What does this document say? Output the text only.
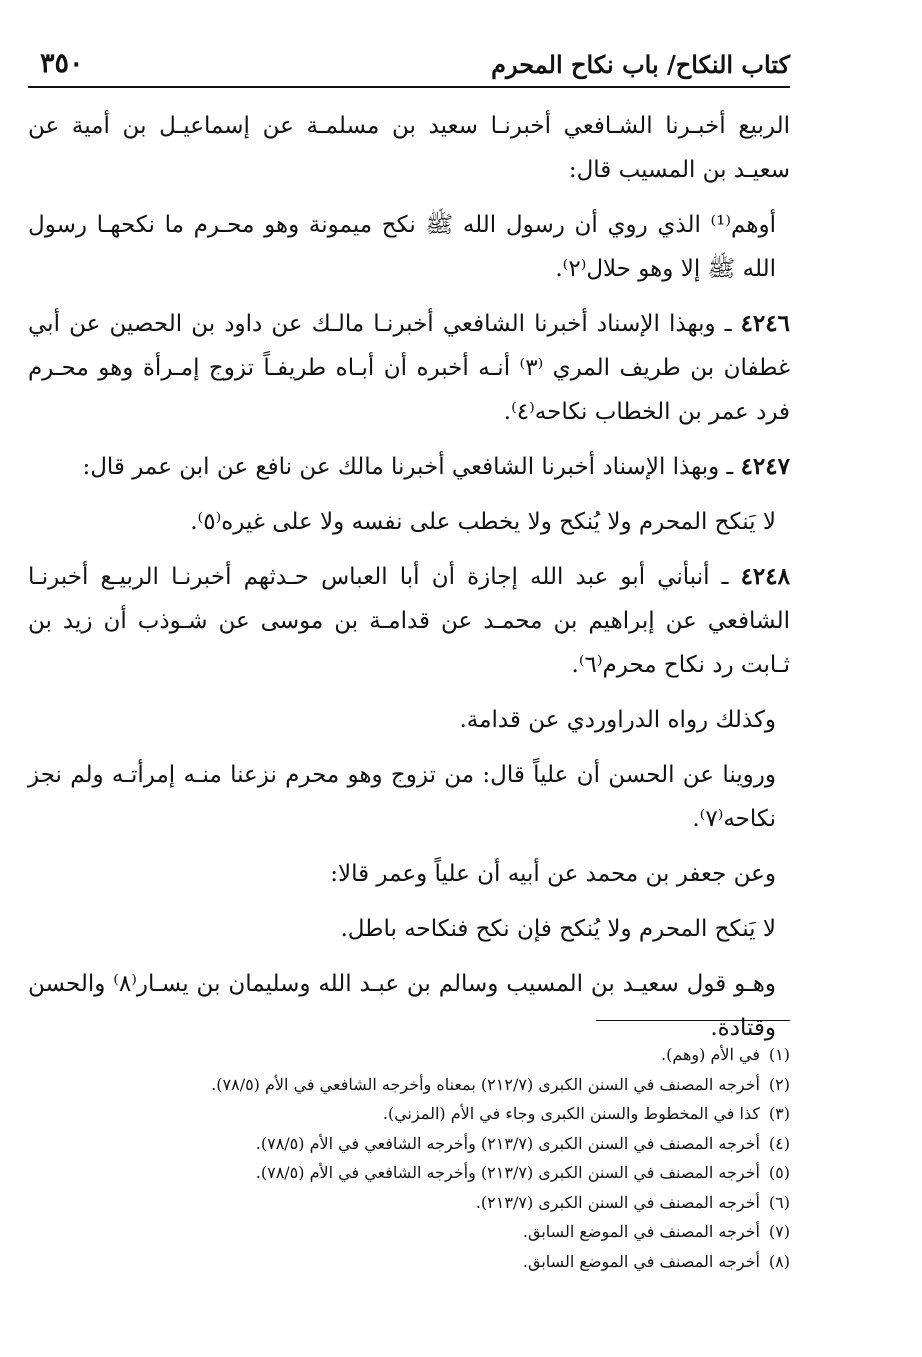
٣٥٠	كتاب النكاح/ باب نكاح المحرم

الربيع أخبـرنا الشـافعي أخبرنـا سعيد بن مسلمـة عن إسماعيـل بن أمية عن سعيـد بن المسيب قال:

أوهم⁽¹⁾ الذي روي أن رسول الله ﷺ نكح ميمونة وهو محـرم ما نكحهـا رسول الله ﷺ إلا وهو حلال⁽٢⁾.

٤٢٤٦ ـ وبهذا الإسناد أخبرنا الشافعي أخبرنـا مالـك عن داود بن الحصين عن أبي غطفان بن طريف المري ⁽٣⁾ أنـه أخبره أن أبـاه طريفـاً تزوج إمـرأة وهو محـرم فرد عمر بن الخطاب نكاحه⁽٤⁾.

٤٢٤٧ ـ وبهذا الإسناد أخبرنا الشافعي أخبرنا مالك عن نافع عن ابن عمر قال:

لا يَنكح المحرم ولا يُنكح ولا يخطب على نفسه ولا على غيره⁽٥⁾.

٤٢٤٨ ـ أنبأني أبو عبد الله إجازة أن أبا العباس حـدثهم أخبرنـا الربيـع أخبرنـا الشافعي عن إبراهيم بن محمـد عن قدامـة بن موسى عن شـوذب أن زيد بن ثـابت رد نكاح محرم⁽٦⁾.

وكذلك رواه الدراوردي عن قدامة.

وروينا عن الحسن أن علياً قال: من تزوج وهو محرم نزعنا منـه إمرأتـه ولم نجز نكاحه⁽٧⁾.

وعن جعفر بن محمد عن أبيه أن علياً وعمر قالا:

لا يَنكح المحرم ولا يُنكح فإن نكح فنكاحه باطل.

وهـو قول سعيـد بن المسيب وسالم بن عبـد الله وسليمان بن يسـار⁽٨⁾ والحسن وقتادة.

(١)في الأم (وهم).
(٢)أخرجه المصنف في السنن الكبرى (٢١٢/٧) بمعناه وأخرجه الشافعي في الأم (٧٨/٥).
(٣)كذا في المخطوط والسنن الكبرى وجاء في الأم (المزني).
(٤)أخرجه المصنف في السنن الكبرى (٢١٣/٧) وأخرجه الشافعي في الأم (٧٨/٥).
(٥)أخرجه المصنف في السنن الكبرى (٢١٣/٧) وأخرجه الشافعي في الأم (٧٨/٥).
(٦)أخرجه المصنف في السنن الكبرى (٢١٣/٧).
(٧)أخرجه المصنف في الموضع السابق.
(٨)أخرجه المصنف في الموضع السابق.
